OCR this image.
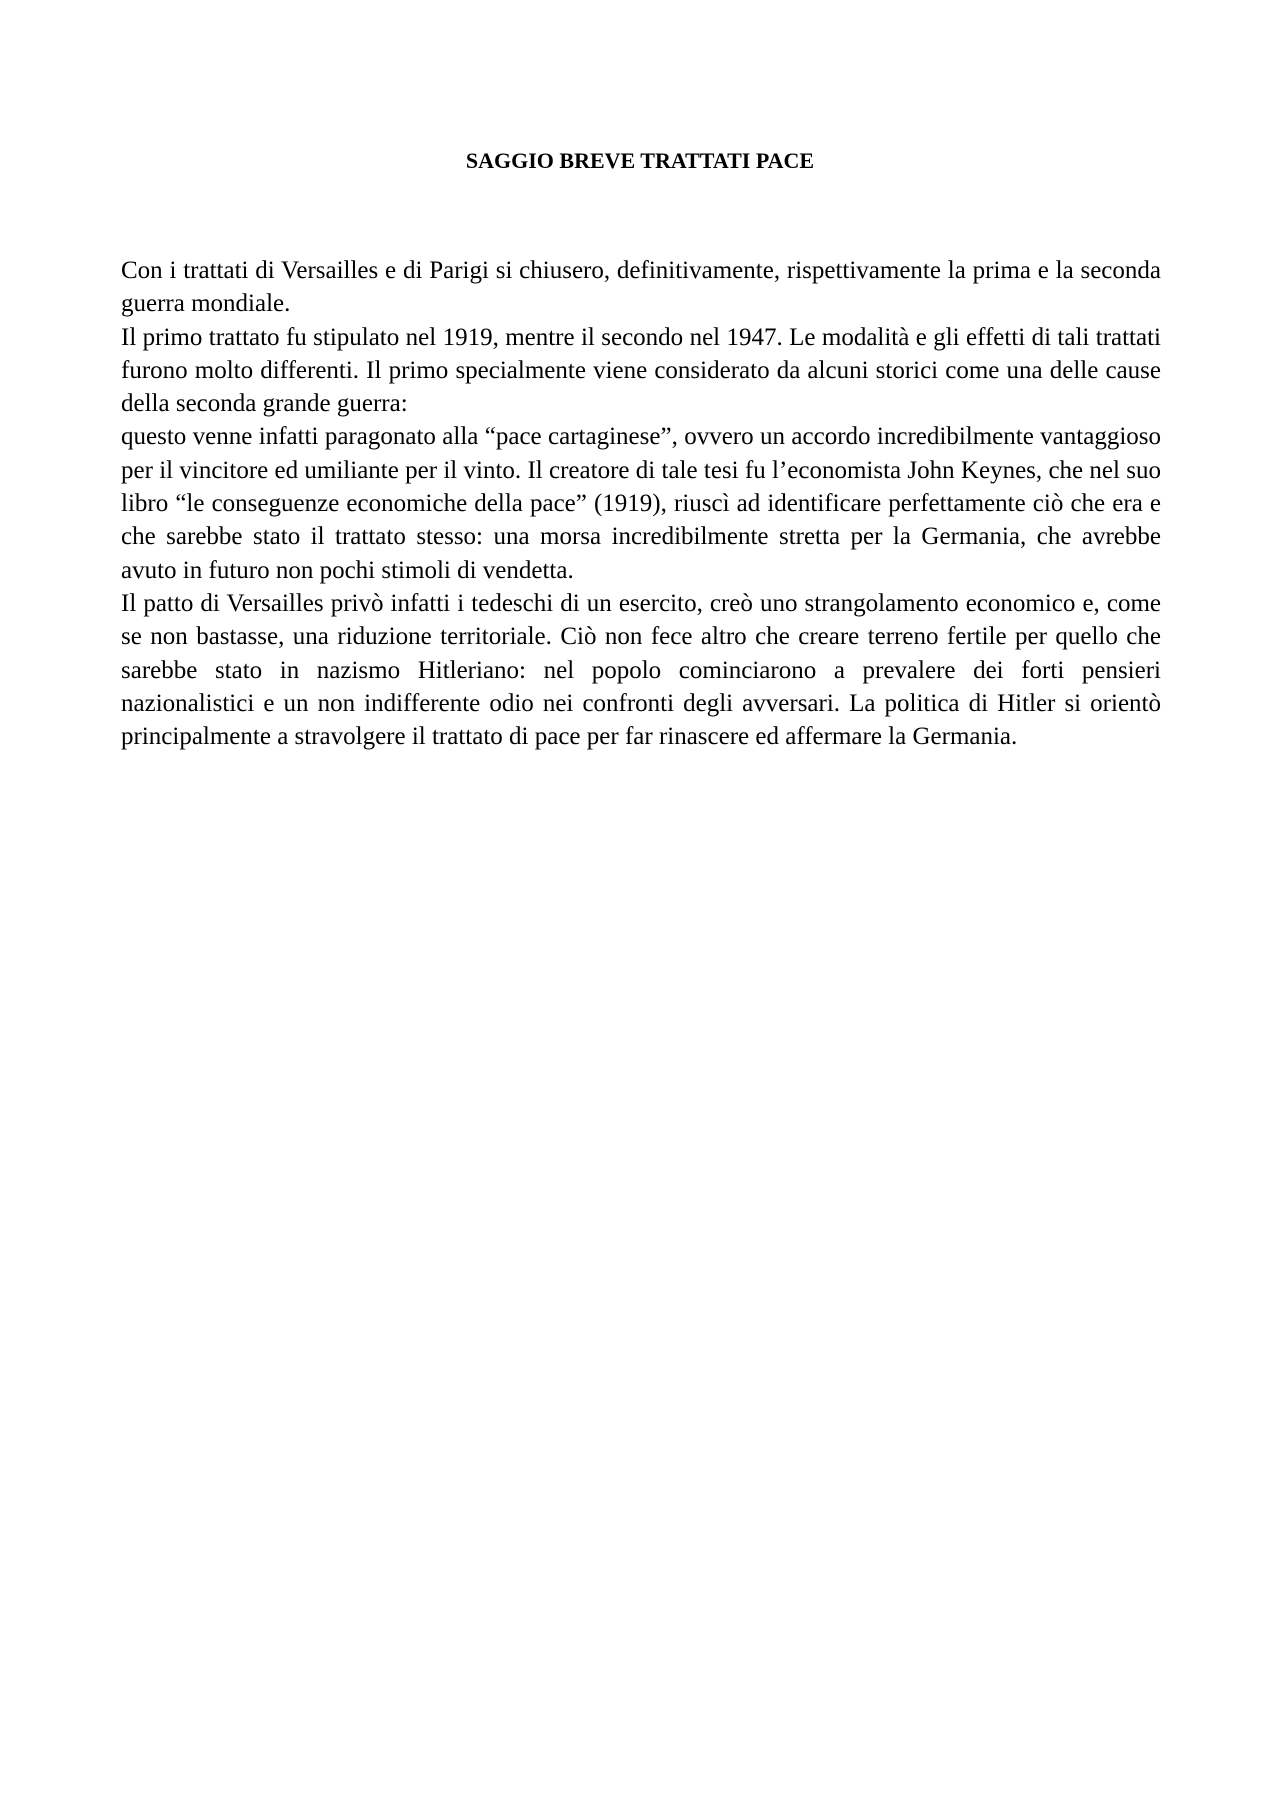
SAGGIO BREVE TRATTATI PACE

Con i trattati di Versailles e di Parigi si chiusero, definitivamente, rispettivamente la prima e la seconda guerra mondiale.

Il primo trattato fu stipulato nel 1919, mentre il secondo nel 1947. Le modalità e gli effetti di tali trattati furono molto differenti. Il primo specialmente viene considerato da alcuni storici come una delle cause della seconda grande guerra:

questo venne infatti paragonato alla “pace cartaginese”, ovvero un accordo incredibilmente vantaggioso per il vincitore ed umiliante per il vinto. Il creatore di tale tesi fu l’economista John Keynes, che nel suo libro “le conseguenze economiche della pace” (1919), riuscì ad identificare perfettamente ciò che era e che sarebbe stato il trattato stesso: una morsa incredibilmente stretta per la Germania, che avrebbe avuto in futuro non pochi stimoli di vendetta.

Il patto di Versailles privò infatti i tedeschi di un esercito, creò uno strangolamento economico e, come se non bastasse, una riduzione territoriale. Ciò non fece altro che creare terreno fertile per quello che sarebbe stato in nazismo Hitleriano: nel popolo cominciarono a prevalere dei forti pensieri nazionalistici e un non indifferente odio nei confronti degli avversari. La politica di Hitler si orientò principalmente a stravolgere il trattato di pace per far rinascere ed affermare la Germania.
